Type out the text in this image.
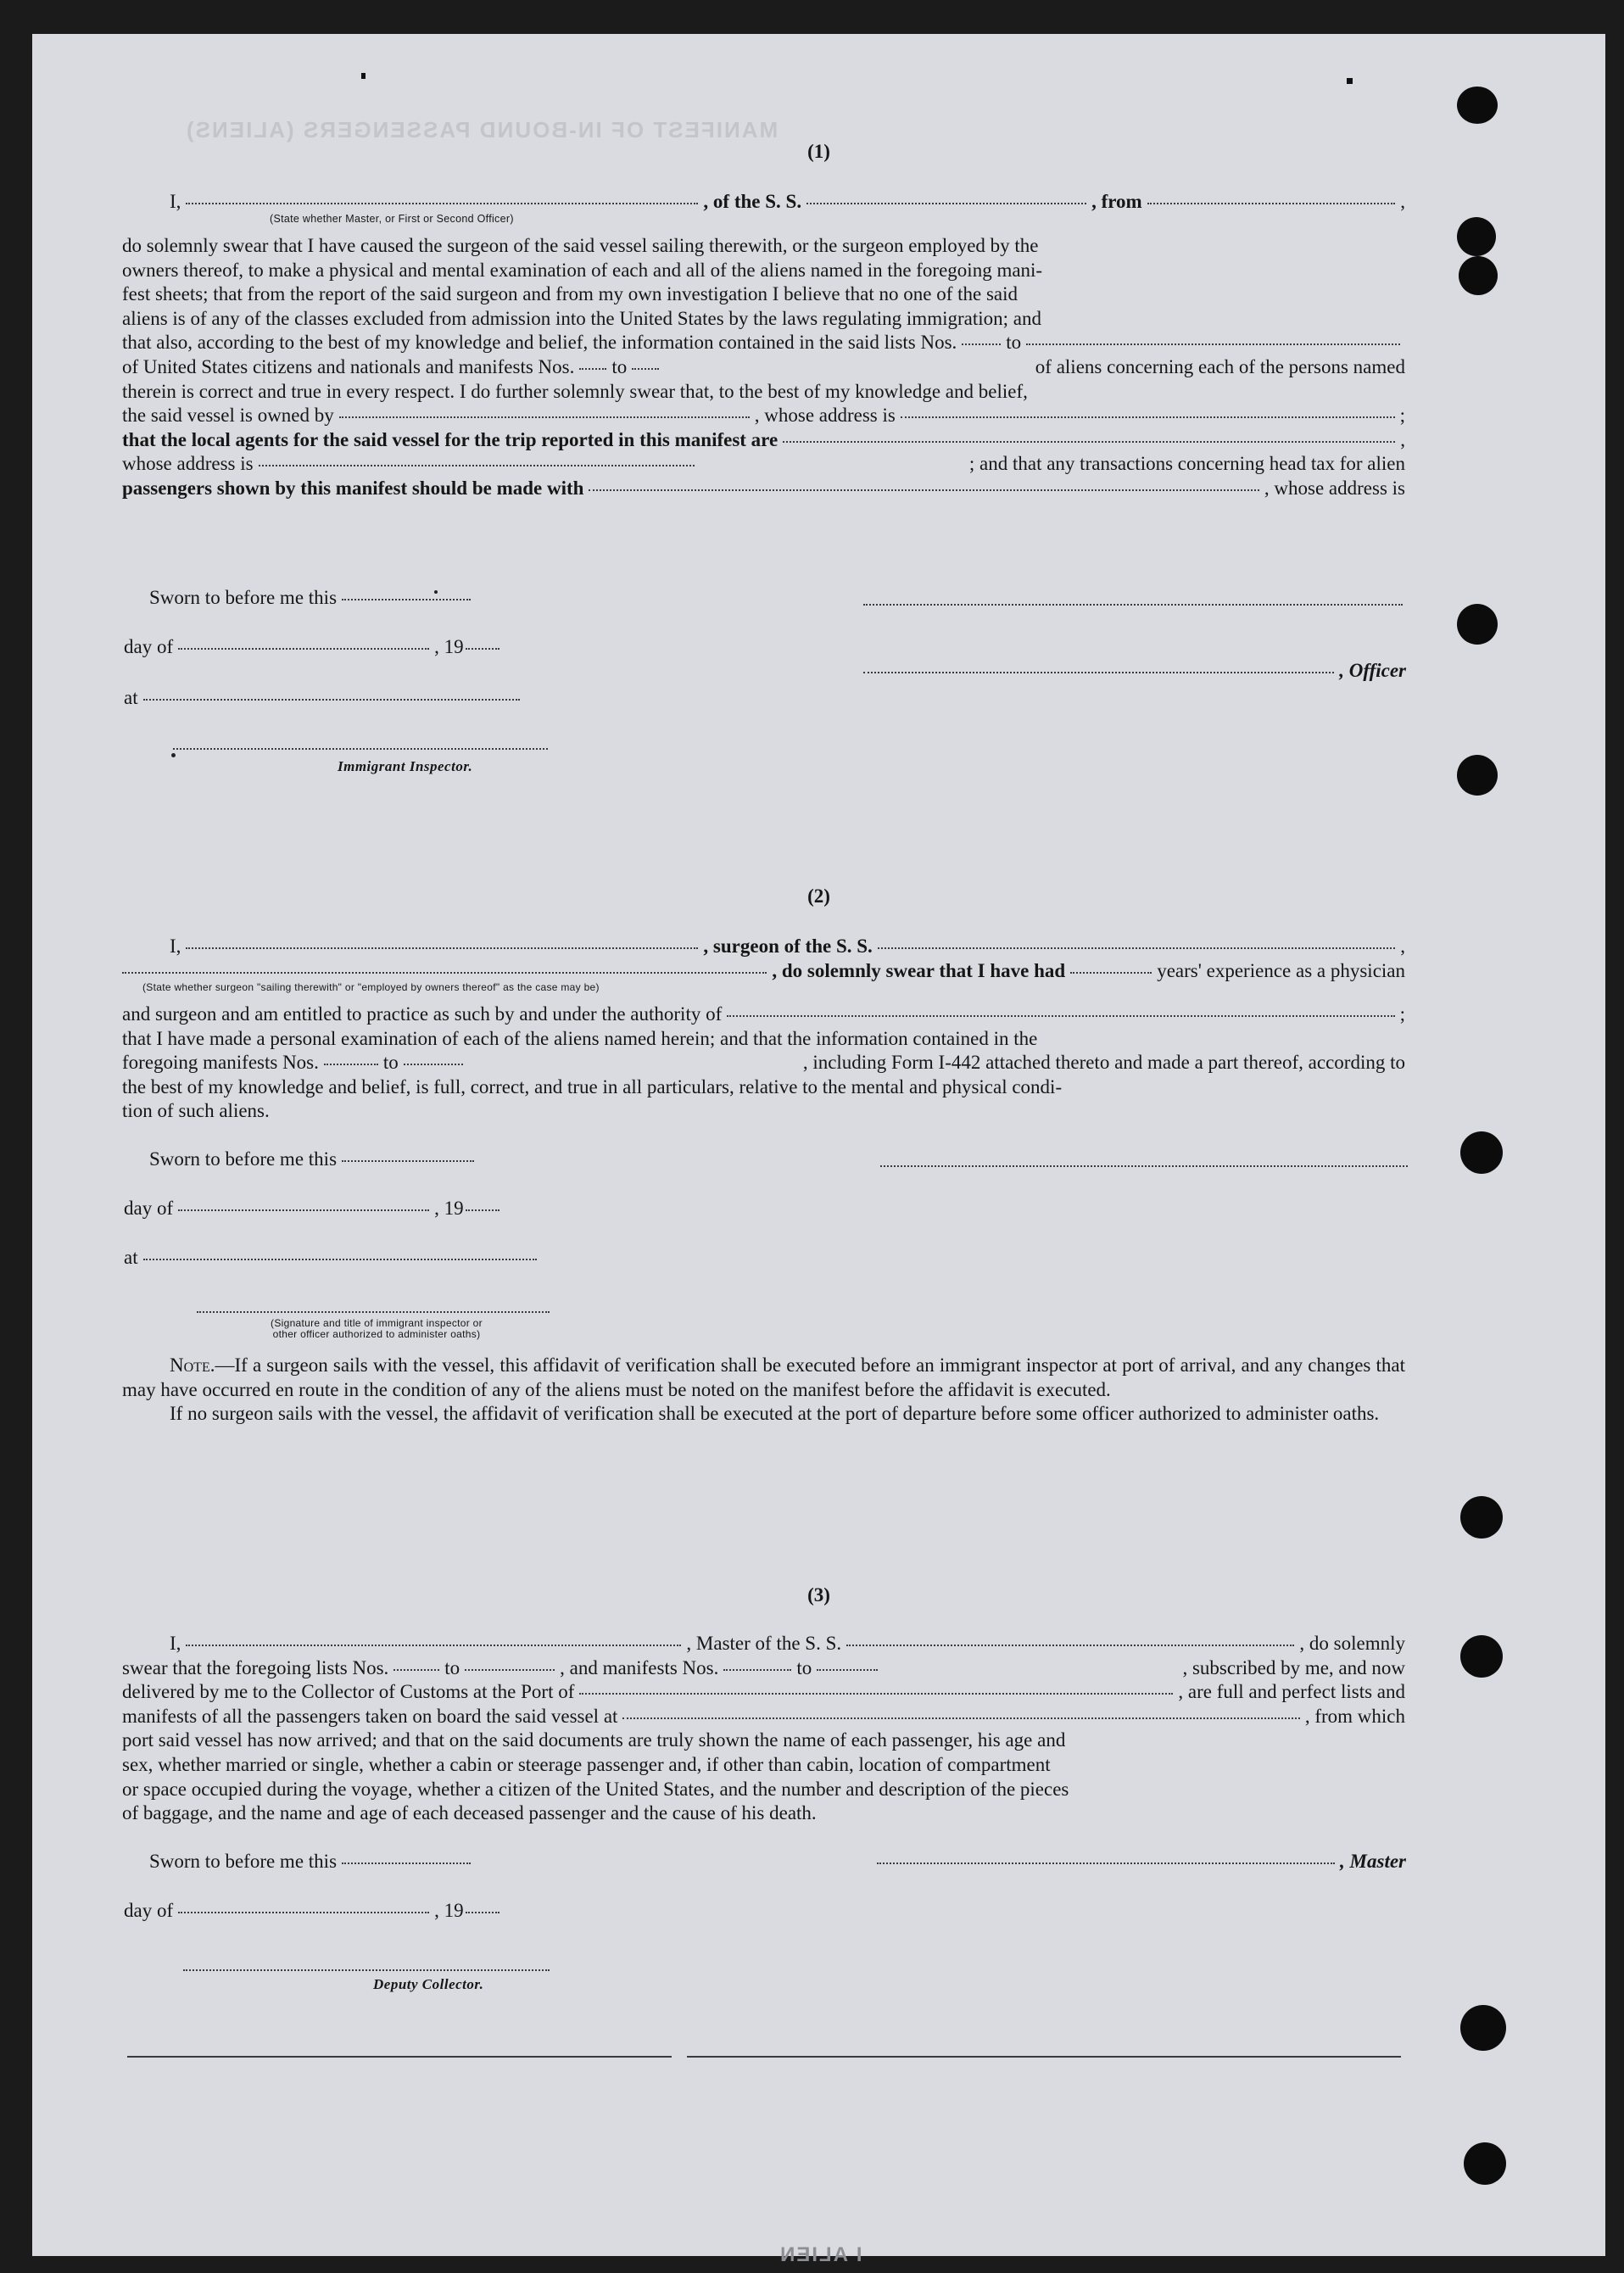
MANIFEST OF IN-BOUND PASSENGERS (ALIENS)
I ALIEN
(1)
I,	, of the S. S.	, from	,
(State whether Master, or First or Second Officer)
do solemnly swear that I have caused the surgeon of the said vessel sailing therewith, or the surgeon employed by the
owners thereof, to make a physical and mental examination of each and all of the aliens named in the foregoing mani-
fest sheets; that from the report of the said surgeon and from my own investigation I believe that no one of the said
aliens is of any of the classes excluded from admission into the United States by the laws regulating immigration; and
that also, according to the best of my knowledge and belief, the information contained in the said lists Nos.	to
of United States citizens and nationals and manifests Nos. to	of aliens concerning each of the persons named
therein is correct and true in every respect. I do further solemnly swear that, to the best of my knowledge and belief,
the said vessel is owned by	, whose address is	;
that the local agents for the said vessel for the trip reported in this manifest are	,
whose address is	; and that any transactions concerning head tax for alien
passengers shown by this manifest should be made with	, whose address is
Sworn to before me this
day of	, 19
, Officer
at
Immigrant Inspector.
(2)
I,	, surgeon of the S. S.	,
, do solemnly swear that I have had	years' experience as a physician
(State whether surgeon "sailing therewith" or "employed by owners thereof" as the case may be)
and surgeon and am entitled to practice as such by and under the authority of	;
that I have made a personal examination of each of the aliens named herein; and that the information contained in the
foregoing manifests Nos.	to	, including Form I-442 attached thereto and made a part thereof, according to
the best of my knowledge and belief, is full, correct, and true in all particulars, relative to the mental and physical condi-
tion of such aliens.
Sworn to before me this
day of	, 19
at
(Signature and title of immigrant inspector or
other officer authorized to administer oaths)

Note.—If a surgeon sails with the vessel, this affidavit of verification shall be executed before an immigrant inspector at port of arrival, and any changes that may have occurred en route in the condition of any of the aliens must be noted on the manifest before the affidavit is executed.

If no surgeon sails with the vessel, the affidavit of verification shall be executed at the port of departure before some officer authorized to administer oaths.

(3)
I,	, Master of the S. S.	, do solemnly
swear that the foregoing lists Nos.	to	, and manifests Nos.	to	, subscribed by me, and now
delivered by me to the Collector of Customs at the Port of	, are full and perfect lists and
manifests of all the passengers taken on board the said vessel at	, from which
port said vessel has now arrived; and that on the said documents are truly shown the name of each passenger, his age and
sex, whether married or single, whether a cabin or steerage passenger and, if other than cabin, location of compartment
or space occupied during the voyage, whether a citizen of the United States, and the number and description of the pieces
of baggage, and the name and age of each deceased passenger and the cause of his death.
Sworn to before me this	, Master
day of	, 19
Deputy Collector.
